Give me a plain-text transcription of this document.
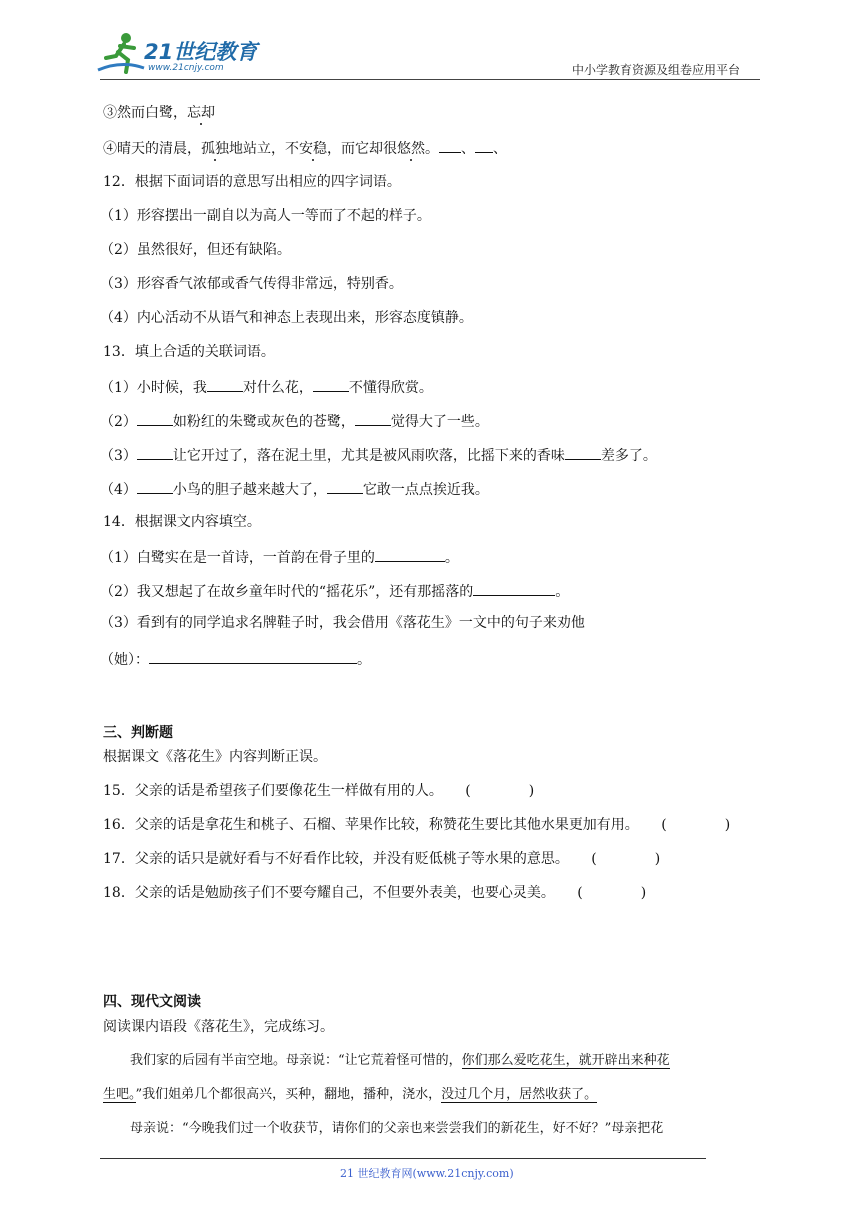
21世纪教育
www.21cnjy.com	中小学教育资源及组卷应用平台
③然而白鹭，忘却
④晴天的清晨，孤独地站立，不安稳，而它却很悠然。 、 、
12．根据下面词语的意思写出相应的四字词语。
（1）形容摆出一副自以为高人一等而了不起的样子。
（2）虽然很好，但还有缺陷。
（3）形容香气浓郁或香气传得非常远，特别香。
（4）内心活动不从语气和神态上表现出来，形容态度镇静。
13．填上合适的关联词语。
（1）小时候，我	对什么花，	不懂得欣赏。
（2）	如粉红的朱鹭或灰色的苍鹭，	觉得大了一些。
（3）	让它开过了，落在泥土里，尤其是被风雨吹落，比摇下来的香味	差多了。
（4）	小鸟的胆子越来越大了，	它敢一点点挨近我。
14．根据课文内容填空。
（1）白鹭实在是一首诗，一首韵在骨子里的	。
（2）我又想起了在故乡童年时代的“摇花乐”，还有那摇落的	。
（3）看到有的同学追求名牌鞋子时，我会借用《落花生》一文中的句子来劝他
（她）：	。
三、判断题
根据课文《落花生》内容判断正误。
15．父亲的话是希望孩子们要像花生一样做有用的人。 (	)
16．父亲的话是拿花生和桃子、石榴、苹果作比较，称赞花生要比其他水果更加有用。 (	)
17．父亲的话只是就好看与不好看作比较，并没有贬低桃子等水果的意思。 (	)
18．父亲的话是勉励孩子们不要夸耀自己，不但要外表美，也要心灵美。 (	)
四、现代文阅读
阅读课内语段《落花生》，完成练习。
我们家的后园有半亩空地。母亲说：“让它荒着怪可惜的，你们那么爱吃花生，就开辟出来种花
生吧。”我们姐弟几个都很高兴，买种，翻地，播种，浇水，没过几个月，居然收获了。
母亲说：“今晚我们过一个收获节，请你们的父亲也来尝尝我们的新花生，好不好？”母亲把花
21 世纪教育网(www.21cnjy.com)
